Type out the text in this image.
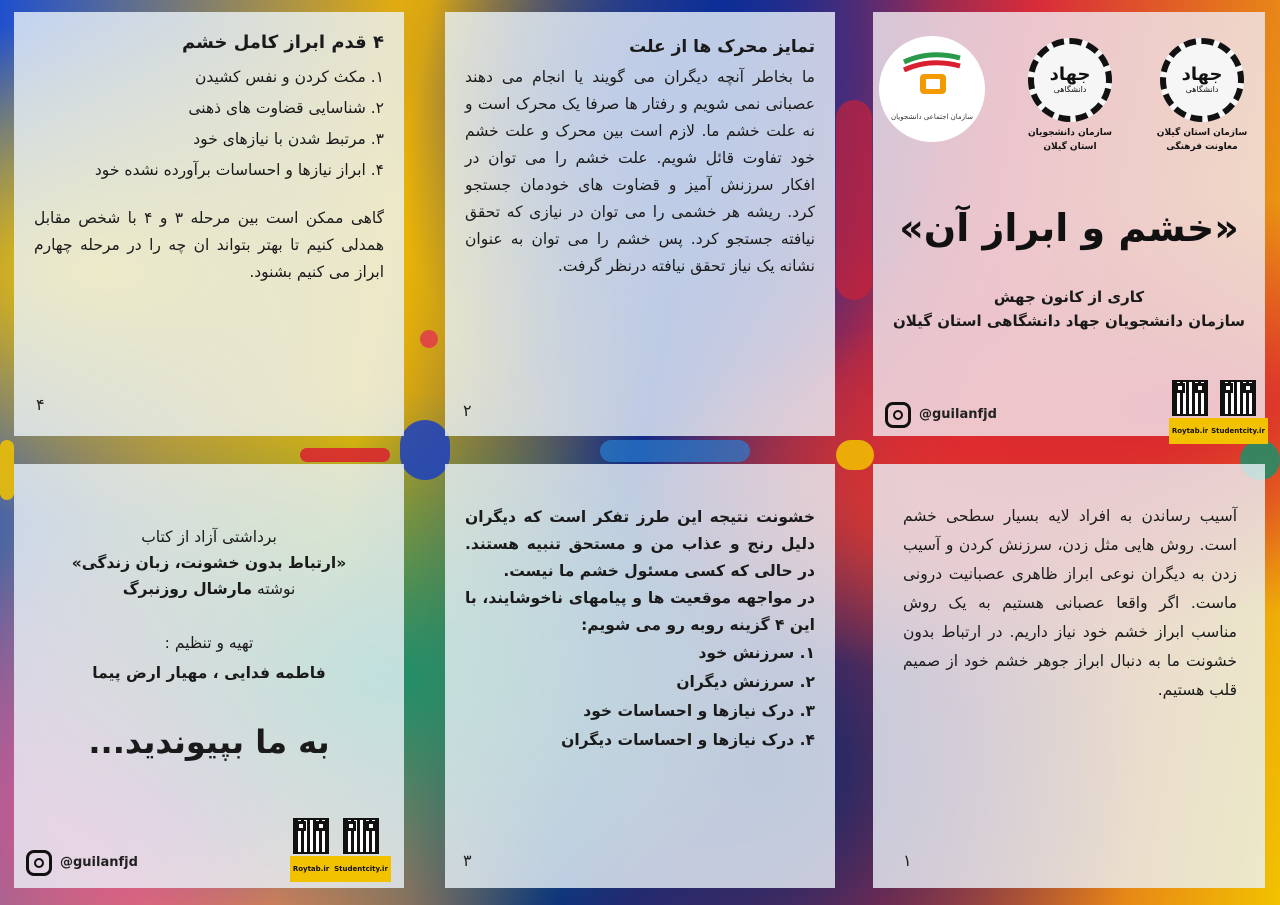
۴ قدم ابراز کامل خشم
۱. مکث کردن و نفس کشیدن
۲. شناسایی قضاوت های ذهنی
۳. مرتبط شدن با نیازهای خود
۴. ابراز نیازها و احساسات برآورده نشده خود
گاهی ممکن است بین مرحله ۳ و ۴ با شخص مقابل همدلی کنیم تا بهتر بتواند ان چه را در مرحله چهارم ابراز می کنیم بشنود.
۴
تمایز محرک ها از علت
ما بخاطر آنچه دیگران می گویند یا انجام می دهند عصبانی نمی شویم و رفتار ها صرفا یک محرک است و نه علت خشم ما. لازم است بین محرک و علت خشم خود تفاوت قائل شویم. علت خشم را می توان در افکار سرزنش آمیز و قضاوت های خودمان جستجو کرد. ریشه هر خشمی را می توان در نیازی که تحقق نیافته جستجو کرد. پس خشم را می توان به عنوان نشانه یک نیاز تحقق نیافته درنظر گرفت.
۲
جهاد
دانشگاهی
سازمان استان گیلان
معاونت فرهنگی
جهاد
دانشگاهی
سازمان دانشجویان
استان گیلان
سازمان اجتماعی دانشجویان
«خشم و ابراز آن»
کاری از کانون جهش
سازمان دانشجویان جهاد دانشگاهی استان گیلان
@guilanfjd
Roytab.ir Studentcity.ir
برداشتی آزاد از کتاب
«ارتباط بدون خشونت، زبان زندگی»
نوشته مارشال روزنبرگ
تهیه و تنظیم :
فاطمه فدایی ، مهیار ارض پیما
به ما بپیوندید...
@guilanfjd	Roytab.ir Studentcity.ir
خشونت نتیجه این طرز تفکر است که دیگران دلیل رنج و عذاب من و مستحق تنبیه هستند. در حالی که کسی مسئول خشم ما نیست.
در مواجهه موقعیت ها و پیامهای ناخوشایند، با این ۴ گزینه روبه رو می شویم:
۱. سرزنش خود
۲. سرزنش دیگران
۳. درک نیازها و احساسات خود
۴. درک نیازها و احساسات دیگران
۳
آسیب رساندن به افراد لایه بسیار سطحی خشم است. روش هایی مثل زدن، سرزنش کردن و آسیب زدن به دیگران نوعی ابراز ظاهری عصبانیت درونی ماست. اگر واقعا عصبانی هستیم به یک روش مناسب ابراز خشم خود نیاز داریم. در ارتباط بدون خشونت ما به دنبال ابراز جوهر خشم خود از صمیم قلب هستیم.
۱
